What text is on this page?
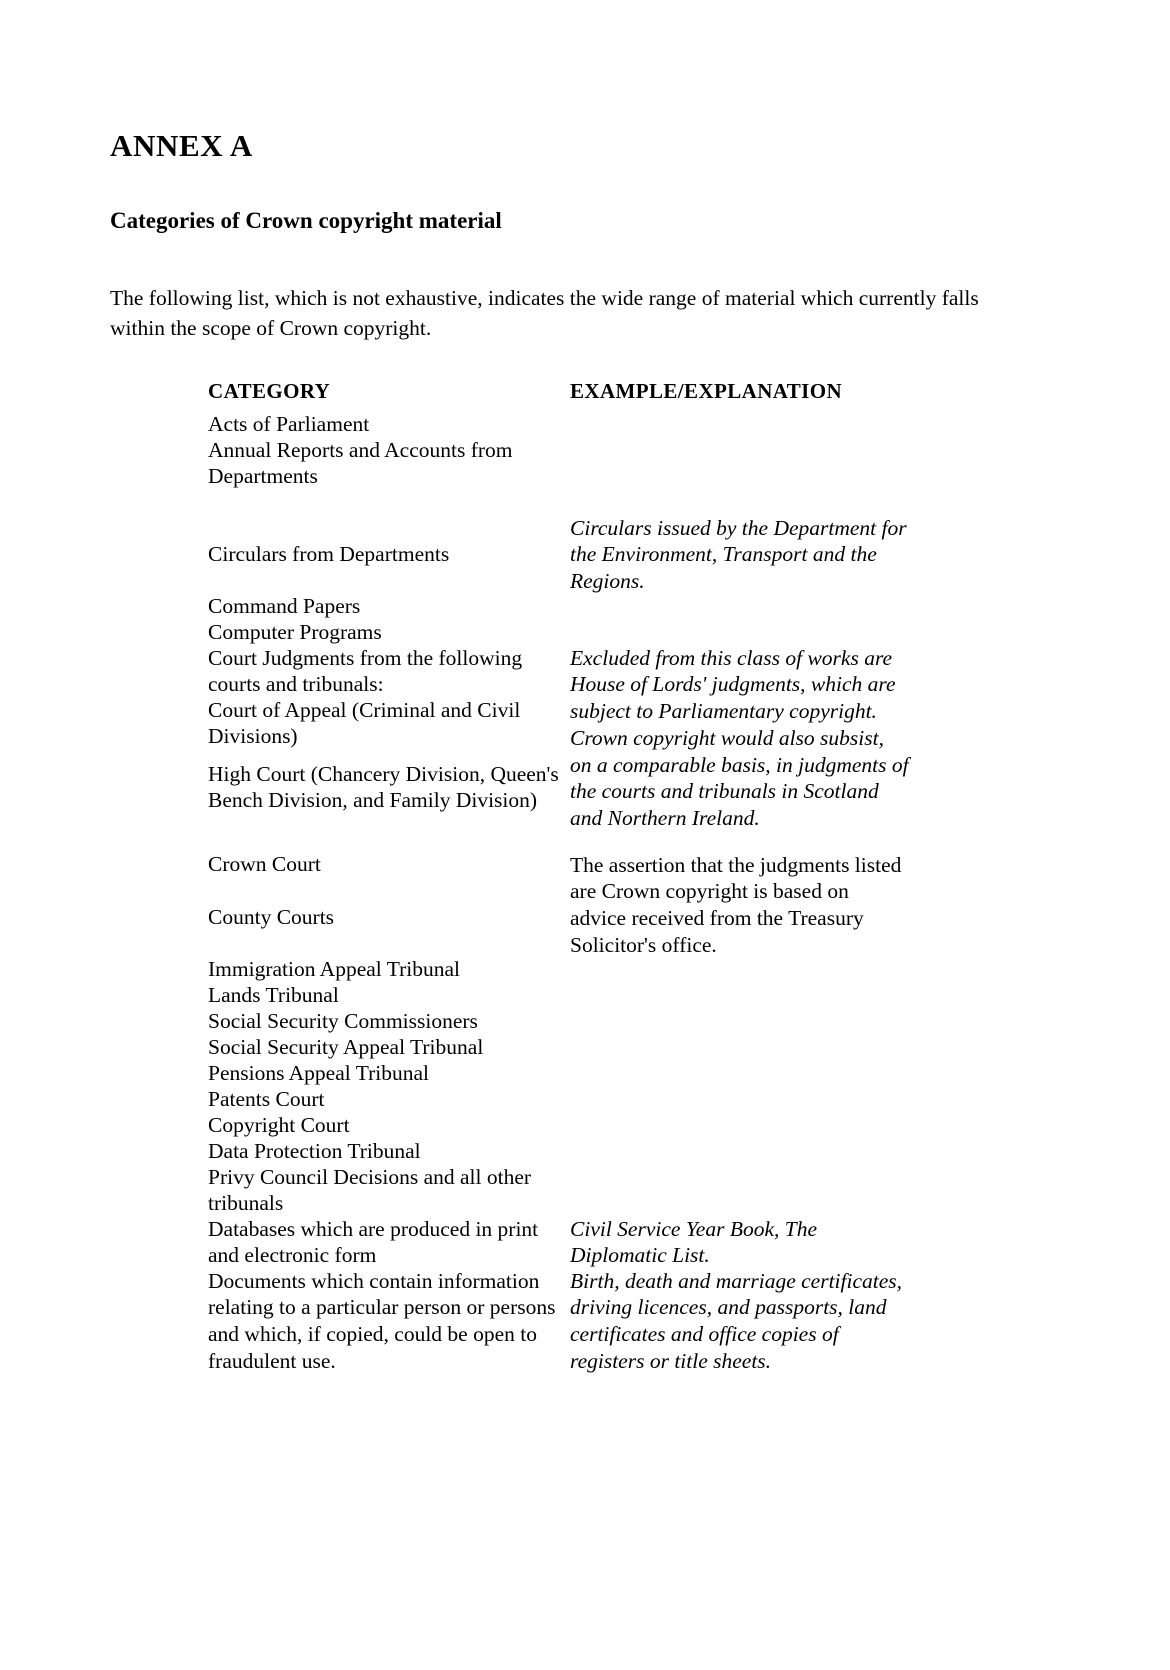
ANNEX A
Categories of Crown copyright material

The following list, which is not exhaustive, indicates the wide range of material which currently falls within the scope of Crown copyright.

CATEGORY	EXAMPLE/EXPLANATION
Acts of Parliament
Annual Reports and Accounts from Departments
Circulars from Departments
Command Papers
Computer Programs
Court Judgments from the following courts and tribunals:
Court of Appeal (Criminal and Civil Divisions)
High Court (Chancery Division, Queen's Bench Division, and Family Division)
Crown Court
County Courts
Immigration Appeal Tribunal
Lands Tribunal
Social Security Commissioners
Social Security Appeal Tribunal
Pensions Appeal Tribunal
Patents Court
Copyright Court
Data Protection Tribunal
Privy Council Decisions and all other tribunals
Databases which are produced in print and electronic form
Documents which contain information relating to a particular person or persons and which, if copied, could be open to fraudulent use.
Circulars issued by the Department for the Environment, Transport and the Regions.
Excluded from this class of works are House of Lords' judgments, which are subject to Parliamentary copyright. Crown copyright would also subsist, on a comparable basis, in judgments of the courts and tribunals in Scotland and Northern Ireland.
The assertion that the judgments listed are Crown copyright is based on advice received from the Treasury Solicitor's office.
Civil Service Year Book, The Diplomatic List.
Birth, death and marriage certificates, driving licences, and passports, land certificates and office copies of registers or title sheets.
